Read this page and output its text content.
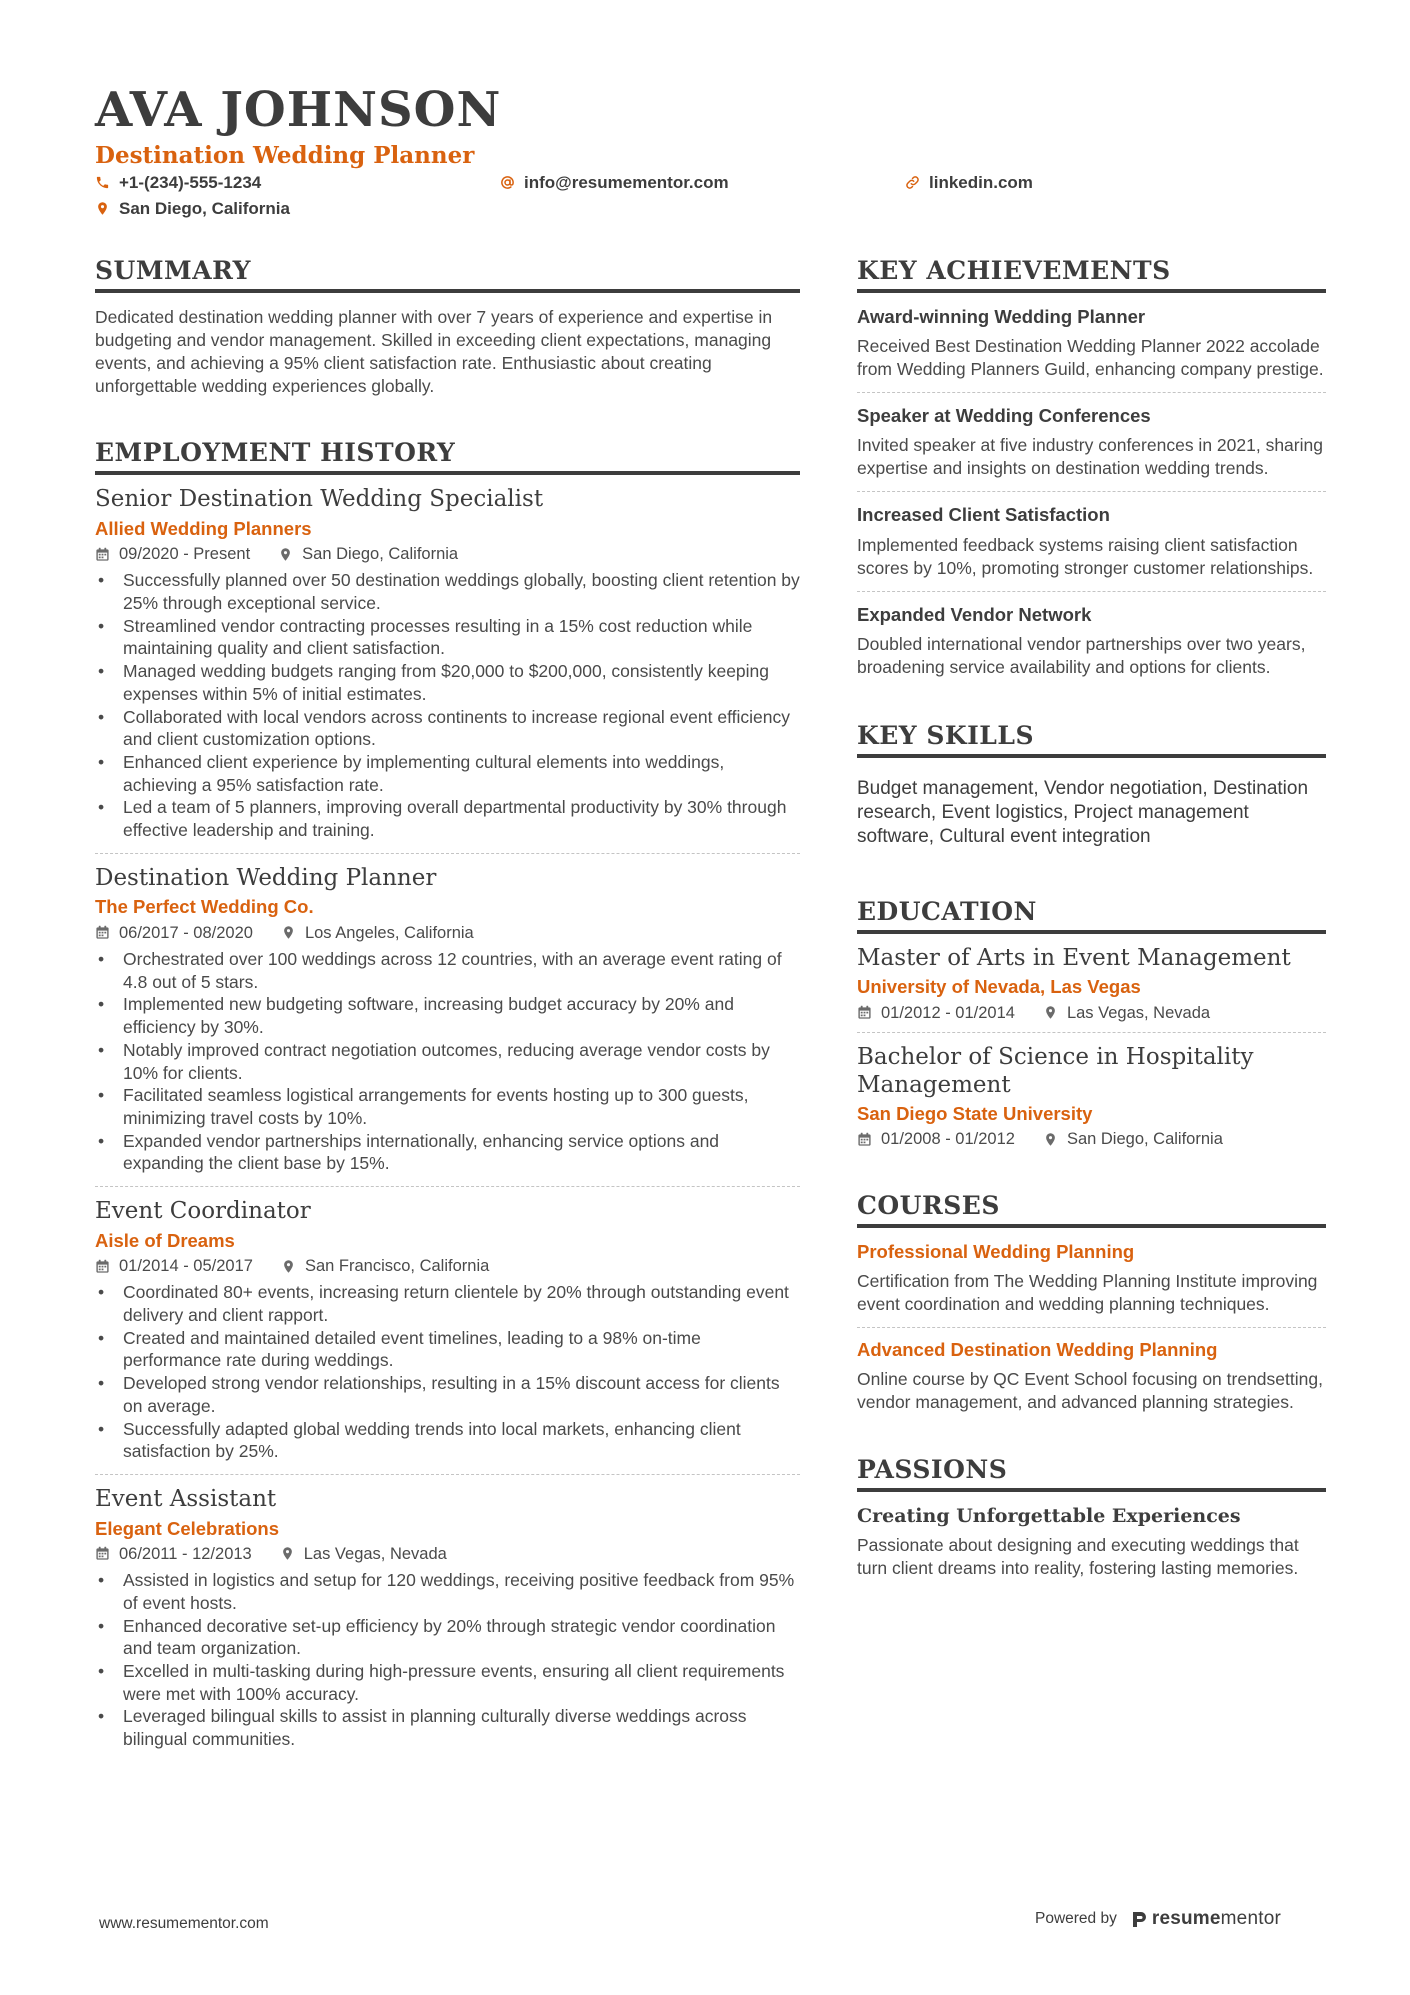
AVA JOHNSON
Destination Wedding Planner
+1-(234)-555-1234	info@resumementor.com	linkedin.com
San Diego, California
SUMMARY

Dedicated destination wedding planner with over 7 years of experience and expertise in budgeting and vendor management. Skilled in exceeding client expectations, managing events, and achieving a 95% client satisfaction rate. Enthusiastic about creating unforgettable wedding experiences globally.

EMPLOYMENT HISTORY
Senior Destination Wedding Specialist
Allied Wedding Planners
09/2020 - Present	San Diego, California
• Successfully planned over 50 destination weddings globally, boosting client retention by 25% through exceptional service.
• Streamlined vendor contracting processes resulting in a 15% cost reduction while maintaining quality and client satisfaction.
• Managed wedding budgets ranging from $20,000 to $200,000, consistently keeping expenses within 5% of initial estimates.
• Collaborated with local vendors across continents to increase regional event efficiency and client customization options.
• Enhanced client experience by implementing cultural elements into weddings, achieving a 95% satisfaction rate.
• Led a team of 5 planners, improving overall departmental productivity by 30% through effective leadership and training.
Destination Wedding Planner
The Perfect Wedding Co.
06/2017 - 08/2020	Los Angeles, California
• Orchestrated over 100 weddings across 12 countries, with an average event rating of 4.8 out of 5 stars.
• Implemented new budgeting software, increasing budget accuracy by 20% and efficiency by 30%.
• Notably improved contract negotiation outcomes, reducing average vendor costs by 10% for clients.
• Facilitated seamless logistical arrangements for events hosting up to 300 guests, minimizing travel costs by 10%.
• Expanded vendor partnerships internationally, enhancing service options and expanding the client base by 15%.
Event Coordinator
Aisle of Dreams
01/2014 - 05/2017	San Francisco, California
• Coordinated 80+ events, increasing return clientele by 20% through outstanding event delivery and client rapport.
• Created and maintained detailed event timelines, leading to a 98% on-time performance rate during weddings.
• Developed strong vendor relationships, resulting in a 15% discount access for clients on average.
• Successfully adapted global wedding trends into local markets, enhancing client satisfaction by 25%.
Event Assistant
Elegant Celebrations
06/2011 - 12/2013	Las Vegas, Nevada
• Assisted in logistics and setup for 120 weddings, receiving positive feedback from 95% of event hosts.
• Enhanced decorative set-up efficiency by 20% through strategic vendor coordination and team organization.
• Excelled in multi-tasking during high-pressure events, ensuring all client requirements were met with 100% accuracy.
• Leveraged bilingual skills to assist in planning culturally diverse weddings across bilingual communities.
KEY ACHIEVEMENTS
Award-winning Wedding Planner

Received Best Destination Wedding Planner 2022 accolade from Wedding Planners Guild, enhancing company prestige.

Speaker at Wedding Conferences

Invited speaker at five industry conferences in 2021, sharing expertise and insights on destination wedding trends.

Increased Client Satisfaction

Implemented feedback systems raising client satisfaction scores by 10%, promoting stronger customer relationships.

Expanded Vendor Network

Doubled international vendor partnerships over two years, broadening service availability and options for clients.

KEY SKILLS

Budget management, Vendor negotiation, Destination research, Event logistics, Project management software, Cultural event integration

EDUCATION
Master of Arts in Event Management
University of Nevada, Las Vegas
01/2012 - 01/2014	Las Vegas, Nevada
Bachelor of Science in Hospitality Management
San Diego State University
01/2008 - 01/2012	San Diego, California
COURSES
Professional Wedding Planning

Certification from The Wedding Planning Institute improving event coordination and wedding planning techniques.

Advanced Destination Wedding Planning

Online course by QC Event School focusing on trendsetting, vendor management, and advanced planning strategies.

PASSIONS
Creating Unforgettable Experiences

Passionate about designing and executing weddings that turn client dreams into reality, fostering lasting memories.

www.resumementor.com	Powered by resume mentor
